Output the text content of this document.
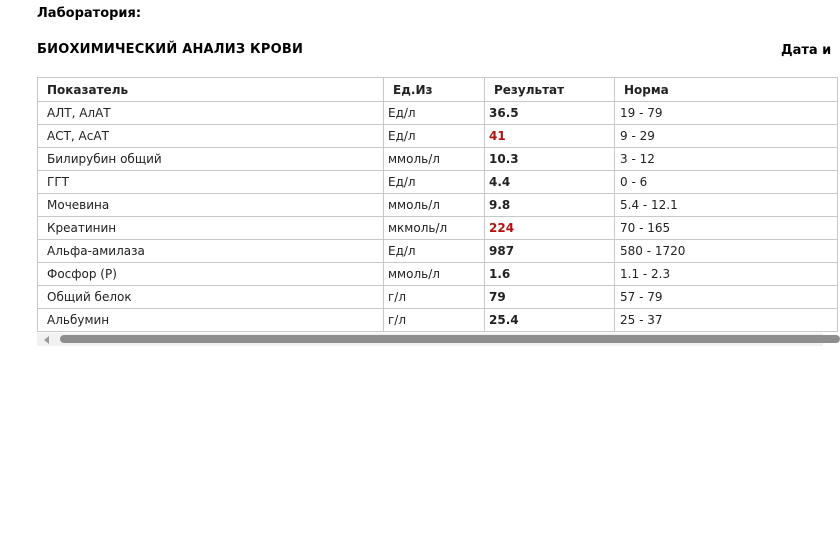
Лаборатория:
БИОХИМИЧЕСКИЙ АНАЛИЗ КРОВИ	Дата и
Показатель	Ед.Из	Результат	Норма
АЛТ, АлАТ	Ед/л	36.5	19 - 79
АСТ, АсАТ	Ед/л	41	9 - 29
Билирубин общий	ммоль/л	10.3	3 - 12
ГГТ	Ед/л	4.4	0 - 6
Мочевина	ммоль/л	9.8	5.4 - 12.1
Креатинин	мкмоль/л	224	70 - 165
Альфа-амилаза	Ед/л	987	580 - 1720
Фосфор (P)	ммоль/л	1.6	1.1 - 2.3
Общий белок	г/л	79	57 - 79
Альбумин	г/л	25.4	25 - 37
